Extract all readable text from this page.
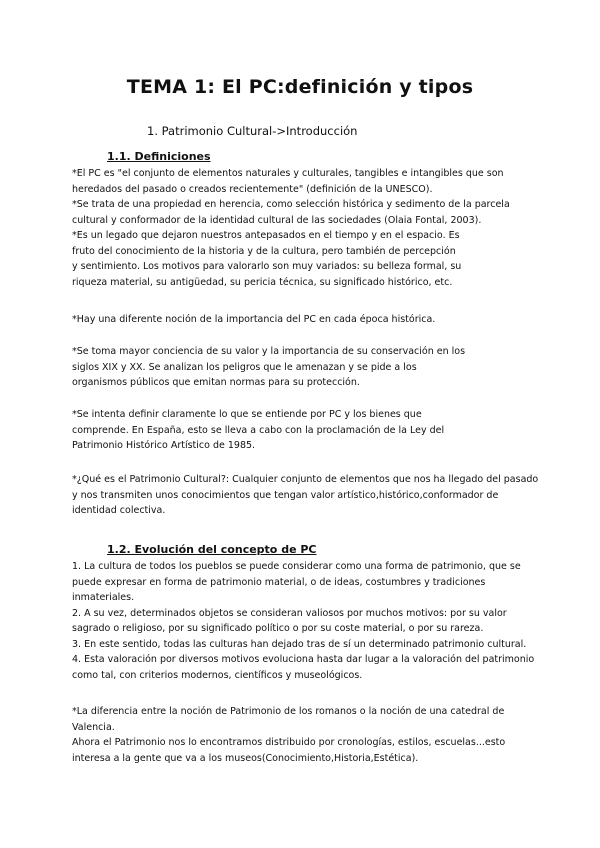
TEMA 1: El PC:definición y tipos

1. Patrimonio Cultural->Introducción

1.1. Definiciones

*El PC es "el conjunto de elementos naturales y culturales, tangibles e intangibles que son

heredados del pasado o creados recientemente" (definición de la UNESCO).

*Se trata de una propiedad en herencia, como selección histórica y sedimento de la parcela

cultural y conformador de la identidad cultural de las sociedades (Olaia Fontal, 2003).

*Es un legado que dejaron nuestros antepasados en el tiempo y en el espacio. Es

fruto del conocimiento de la historia y de la cultura, pero también de percepción

y sentimiento. Los motivos para valorarlo son muy variados: su belleza formal, su

riqueza material, su antigüedad, su pericia técnica, su significado histórico, etc.

*Hay una diferente noción de la importancia del PC en cada época histórica.

*Se toma mayor conciencia de su valor y la importancia de su conservación en los

siglos XIX y XX. Se analizan los peligros que le amenazan y se pide a los

organismos públicos que emitan normas para su protección.

*Se intenta definir claramente lo que se entiende por PC y los bienes que

comprende. En España, esto se lleva a cabo con la proclamación de la Ley del

Patrimonio Histórico Artístico de 1985.

*¿Qué es el Patrimonio Cultural?: Cualquier conjunto de elementos que nos ha llegado del pasado

y nos transmiten unos conocimientos que tengan valor artístico,histórico,conformador de

identidad colectiva.

1.2. Evolución del concepto de PC

1. La cultura de todos los pueblos se puede considerar como una forma de patrimonio, que se

puede expresar en forma de patrimonio material, o de ideas, costumbres y tradiciones

inmateriales.

2. A su vez, determinados objetos se consideran valiosos por muchos motivos: por su valor

sagrado o religioso, por su significado político o por su coste material, o por su rareza.

3. En este sentido, todas las culturas han dejado tras de sí un determinado patrimonio cultural.

4. Esta valoración por diversos motivos evoluciona hasta dar lugar a la valoración del patrimonio

como tal, con criterios modernos, científicos y museológicos.

*La diferencia entre la noción de Patrimonio de los romanos o la noción de una catedral de

Valencia.

Ahora el Patrimonio nos lo encontramos distribuido por cronologías, estilos, escuelas...esto

interesa a la gente que va a los museos(Conocimiento,Historia,Estética).
